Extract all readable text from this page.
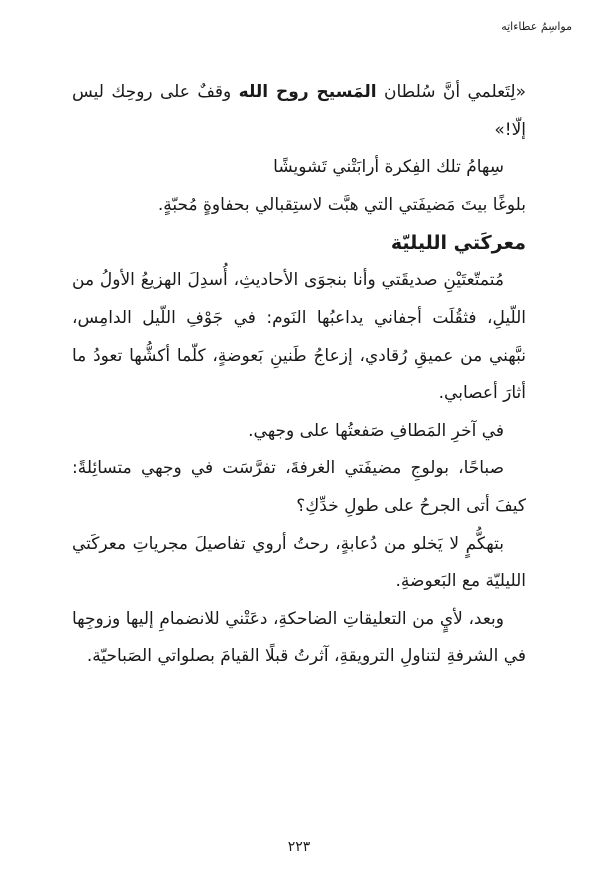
مواسِمُ عطاءاتِه

«لِتَعلمي أنَّ سُلطان المَسيح روح الله وقفٌ على روحِك ليس إلّا!»

سِهامُ تلك الفِكرة أرابَتْني تَشويشًا

بلوغًا بيتَ مَضيفَتي التي هبَّت لاستِقبالي بحفاوةٍ مُحبّةٍ.

معركَتي الليليّة

مُتمتّعتَيْنِ صديقَتي وأنا بنجوَى الأحاديثِ، أُسدِلَ الهزيعُ الأولُ من اللّيلِ، فثقُلَت أجفاني يداعبُها النَوم: في جَوْفِ اللّيل الدامِس، نبَّهني من عميقِ رُقادي، إزعاجُ طَنينِ بَعوضةٍ، كلّما أكشُّها تعودُ ما أثارَ أعصابي.

في آخرِ المَطافِ صَفعتُها على وجهي.

صباحًا، بولوجِ مضيفَتي الغرفةَ، تفرَّسَت في وجهي متسائِلةً: كيفَ أتى الجرحُ على طولِ خدِّكِ؟

بتهكُّمٍ لا يَخلو من دُعابةٍ، رحتُ أروي تفاصيلَ مجرياتِ معركَتي الليليّة مع البَعوضةِ.

وبعد، لأيٍ من التعليقاتِ الضاحكةِ، دعَتْني للانضمامِ إليها وزوجِها في الشرفةِ لتناولِ الترويقةِ، آثرتُ قبلًا القيامَ بصلواتي الصَباحيّة.

٢٢٣
